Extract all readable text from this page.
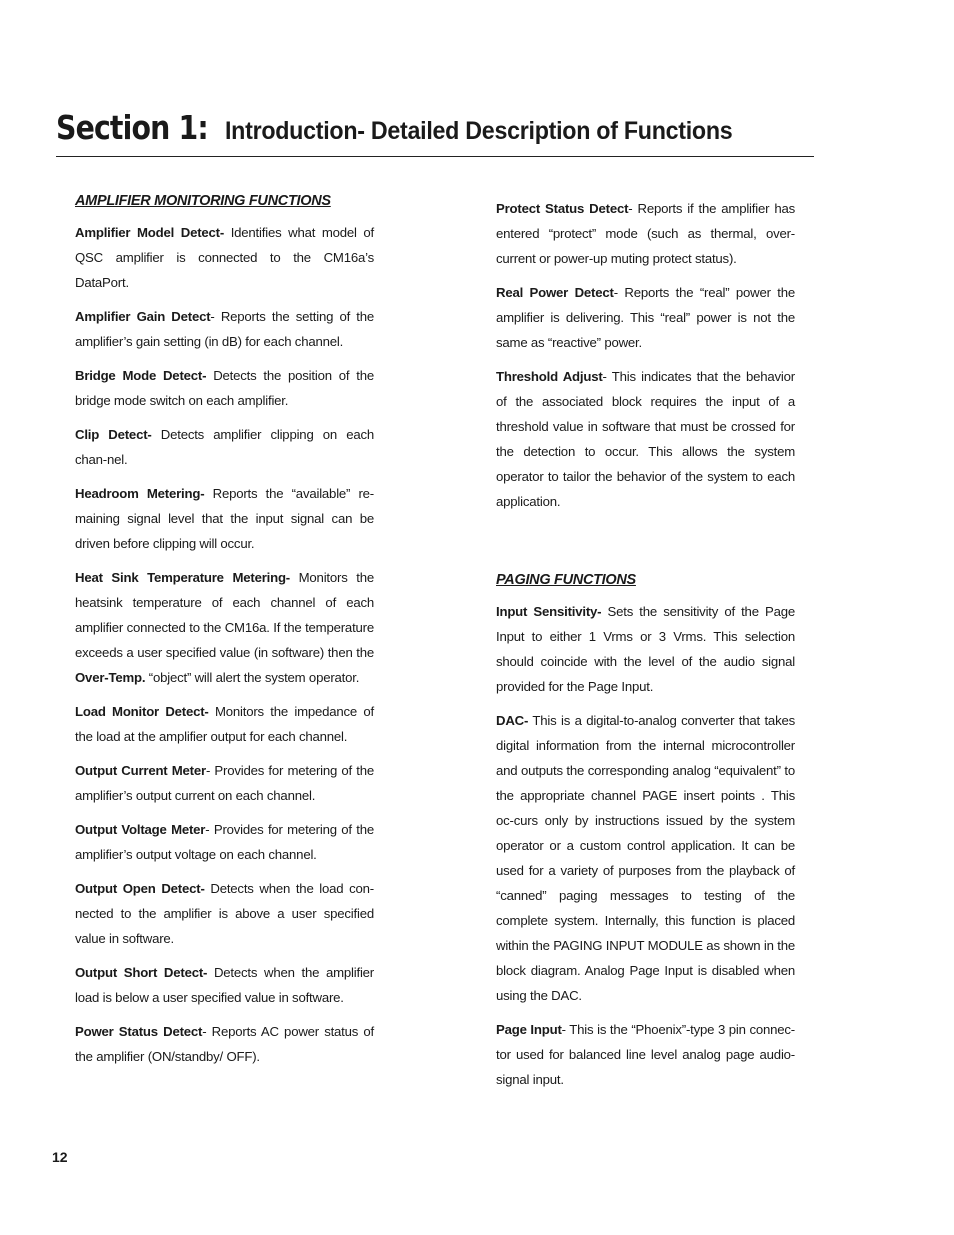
Section 1: Introduction- Detailed Description of Functions
AMPLIFIER MONITORING FUNCTIONS

Amplifier Model Detect- Identifies what model of QSC amplifier is connected to the CM16a’s DataPort.

Amplifier Gain Detect- Reports the setting of the amplifier’s gain setting (in dB) for each channel.

Bridge Mode Detect- Detects the position of the bridge mode switch on each amplifier.

Clip Detect- Detects amplifier clipping on each chan-nel.

Headroom Metering- Reports the “available” re-maining signal level that the input signal can be driven before clipping will occur.

Heat Sink Temperature Metering- Monitors the heatsink temperature of each channel of each amplifier connected to the CM16a. If the temperature exceeds a user specified value (in software) then the Over-Temp. “object” will alert the system operator.

Load Monitor Detect- Monitors the impedance of the load at the amplifier output for each channel.

Output Current Meter- Provides for metering of the amplifier’s output current on each channel.

Output Voltage Meter- Provides for metering of the amplifier’s output voltage on each channel.

Output Open Detect- Detects when the load con-nected to the amplifier is above a user specified value in software.

Output Short Detect- Detects when the amplifier load is below a user specified value in software.

Power Status Detect- Reports AC power status of the amplifier (ON/standby/ OFF).

Protect Status Detect- Reports if the amplifier has entered “protect” mode (such as thermal, over-current or power-up muting protect status).

Real Power Detect- Reports the “real” power the amplifier is delivering. This “real” power is not the same as “reactive” power.

Threshold Adjust- This indicates that the behavior of the associated block requires the input of a threshold value in software that must be crossed for the detection to occur. This allows the system operator to tailor the behavior of the system to each application.

PAGING FUNCTIONS

Input Sensitivity- Sets the sensitivity of the Page Input to either 1 Vrms or 3 Vrms. This selection should coincide with the level of the audio signal provided for the Page Input.

DAC- This is a digital-to-analog converter that takes digital information from the internal microcontroller and outputs the corresponding analog “equivalent” to the appropriate channel PAGE insert points . This oc-curs only by instructions issued by the system operator or a custom control application. It can be used for a variety of purposes from the playback of “canned” paging messages to testing of the complete system. Internally, this function is placed within the PAGING INPUT MODULE as shown in the block diagram. Analog Page Input is disabled when using the DAC.

Page Input- This is the “Phoenix”-type 3 pin connec-tor used for balanced line level analog page audio-signal input.

12
